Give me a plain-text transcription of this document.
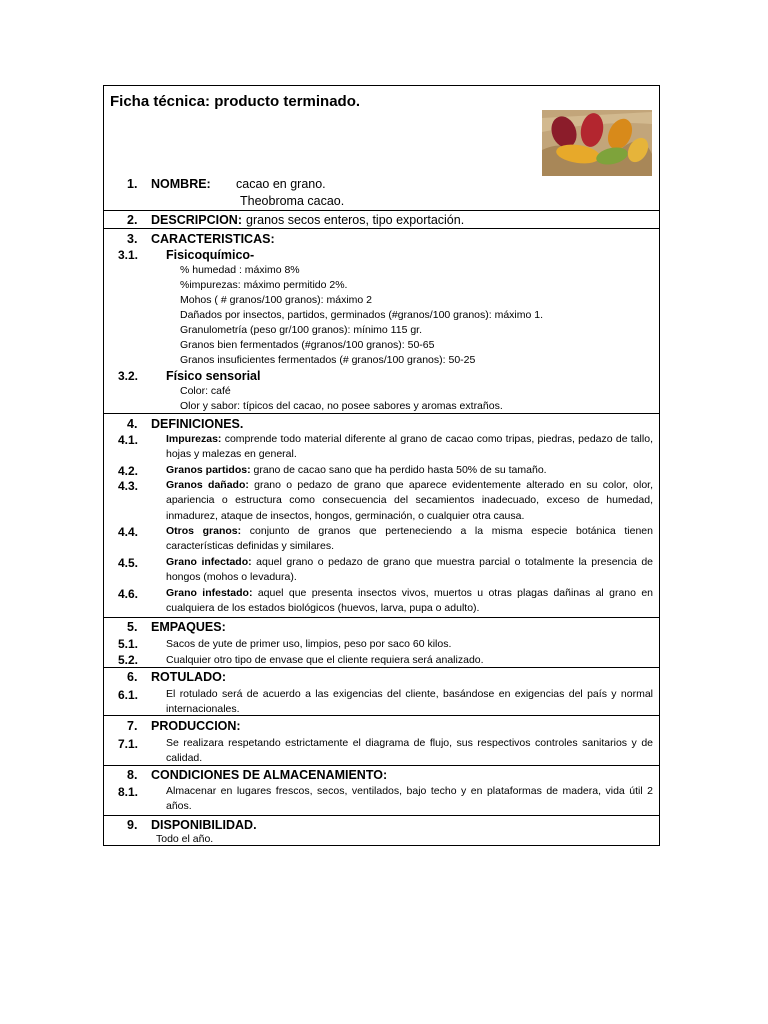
Ficha técnica: producto terminado.
1. NOMBRE: cacao en grano.
Theobroma cacao.
2. DESCRIPCION: granos secos enteros, tipo exportación.
3. CARACTERISTICAS:
3.1. Fisicoquímico-
% humedad : máximo 8%
%impurezas: máximo permitido 2%.
Mohos ( # granos/100 granos): máximo 2
Dañados por insectos, partidos, germinados (#granos/100 granos): máximo 1.
Granulometría (peso gr/100 granos): mínimo 115 gr.
Granos bien fermentados (#granos/100 granos): 50-65
Granos insuficientes fermentados (# granos/100 granos): 50-25
3.2. Físico sensorial
Color: café
Olor y sabor: típicos del cacao, no posee sabores y aromas extraños.
4. DEFINICIONES.
4.1.	Impurezas: comprende todo material diferente al grano de cacao como tripas, piedras, pedazo de tallo, hojas y malezas en general.
4.2.	Granos partidos: grano de cacao sano que ha perdido hasta 50% de su tamaño.
4.3.	Granos dañado: grano o pedazo de grano que aparece evidentemente alterado en su color, olor, apariencia o estructura como consecuencia del secamientos inadecuado, exceso de humedad, inmadurez, ataque de insectos, hongos, germinación, o cualquier otra causa.
4.4.	Otros granos: conjunto de granos que perteneciendo a la misma especie botánica tienen características definidas y similares.
4.5.	Grano infectado: aquel grano o pedazo de grano que muestra parcial o totalmente la presencia de hongos (mohos o levadura).
4.6.	Grano infestado: aquel que presenta insectos vivos, muertos u otras plagas dañinas al grano en cualquiera de los estados biológicos (huevos, larva, pupa o adulto).
5. EMPAQUES:
5.1.	Sacos de yute de primer uso, limpios, peso por saco 60 kilos.
5.2.	Cualquier otro tipo de envase que el cliente requiera será analizado.
6. ROTULADO:
6.1.	El rotulado será de acuerdo a las exigencias del cliente, basándose en exigencias del país y normal internacionales.
7. PRODUCCION:
7.1.	Se realizara respetando estrictamente el diagrama de flujo, sus respectivos controles sanitarios y de calidad.
8. CONDICIONES DE ALMACENAMIENTO:
8.1.	Almacenar en lugares frescos, secos, ventilados, bajo techo y en plataformas de madera, vida útil 2 años.
9. DISPONIBILIDAD.
Todo el año.
